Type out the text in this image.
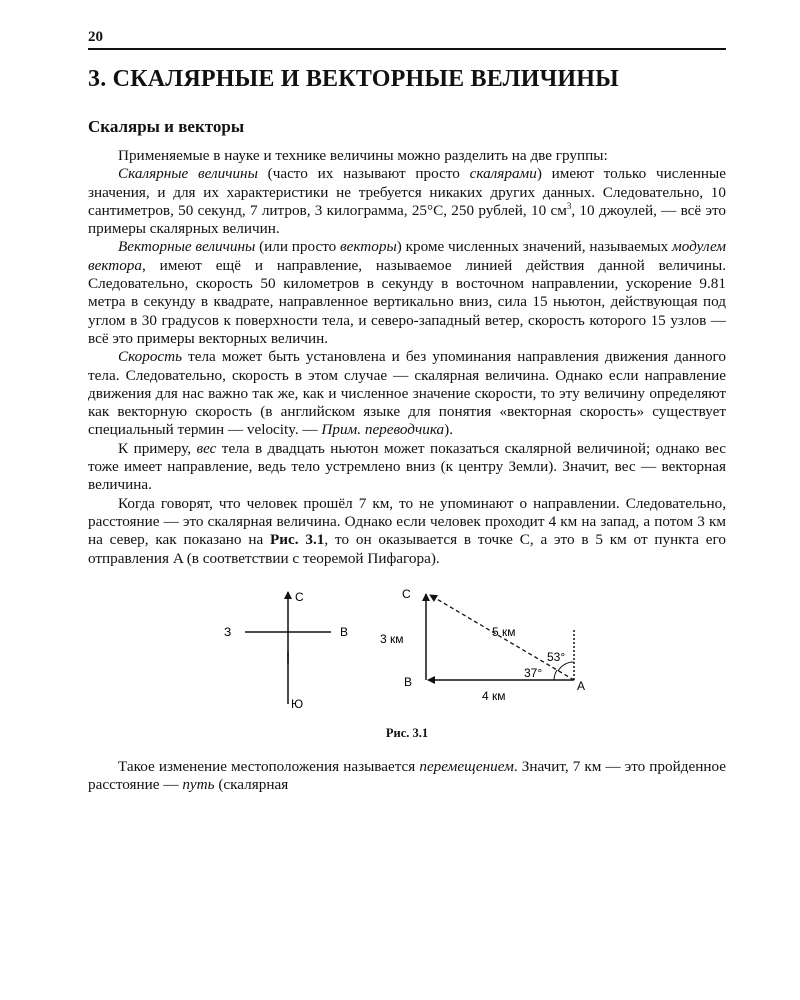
20
3. СКАЛЯРНЫЕ И ВЕКТОРНЫЕ ВЕЛИЧИНЫ
Скаляры и векторы

Применяемые в науке и технике величины можно разделить на две группы:

Скалярные величины (часто их называют просто скалярами) имеют только численные значения, и для их характеристики не требуется никаких других данных. Следовательно, 10 сантиметров, 50 секунд, 7 литров, 3 килограмма, 25°C, 250 рублей, 10 $см^3$, 10 джоулей, — всё это примеры скалярных величин.

Векторные величины (или просто векторы) кроме численных значений, называемых модулем вектора, имеют ещё и направление, называемое линией действия данной величины. Следовательно, скорость 50 километров в секунду в восточном направлении, ускорение 9.81 метра в секунду в квадрате, направленное вертикально вниз, сила 15 ньютон, действующая под углом в 30 градусов к поверхности тела, и северо-западный ветер, скорость которого 15 узлов — всё это примеры векторных величин.

Скорость тела может быть установлена и без упоминания направления движения данного тела. Следовательно, скорость в этом случае — скалярная величина. Однако если направление движения для нас важно так же, как и численное значение скорости, то эту величину определяют как векторную скорость (в английском языке для понятия «векторная скорость» существует специальный термин — velocity. — Прим. переводчика).

К примеру, вес тела в двадцать ньютон может показаться скалярной величиной; однако вес тоже имеет направление, ведь тело устремлено вниз (к центру Земли). Значит, вес — векторная величина.

Когда говорят, что человек прошёл 7 км, то не упоминают о направлении. Следовательно, расстояние — это скалярная величина. Однако если человек проходит 4 км на запад, а потом 3 км на север, как показано на Рис. 3.1, то он оказывается в точке C, а это в 5 км от пункта его отправления A (в соответствии с теоремой Пифагора).

С
Ю
З	В
C
B	A
5 км
3 км
4 км
53°
37°
Рис. 3.1

Такое изменение местоположения называется перемещением. Значит, 7 км — это пройденное расстояние — путь (скалярная
